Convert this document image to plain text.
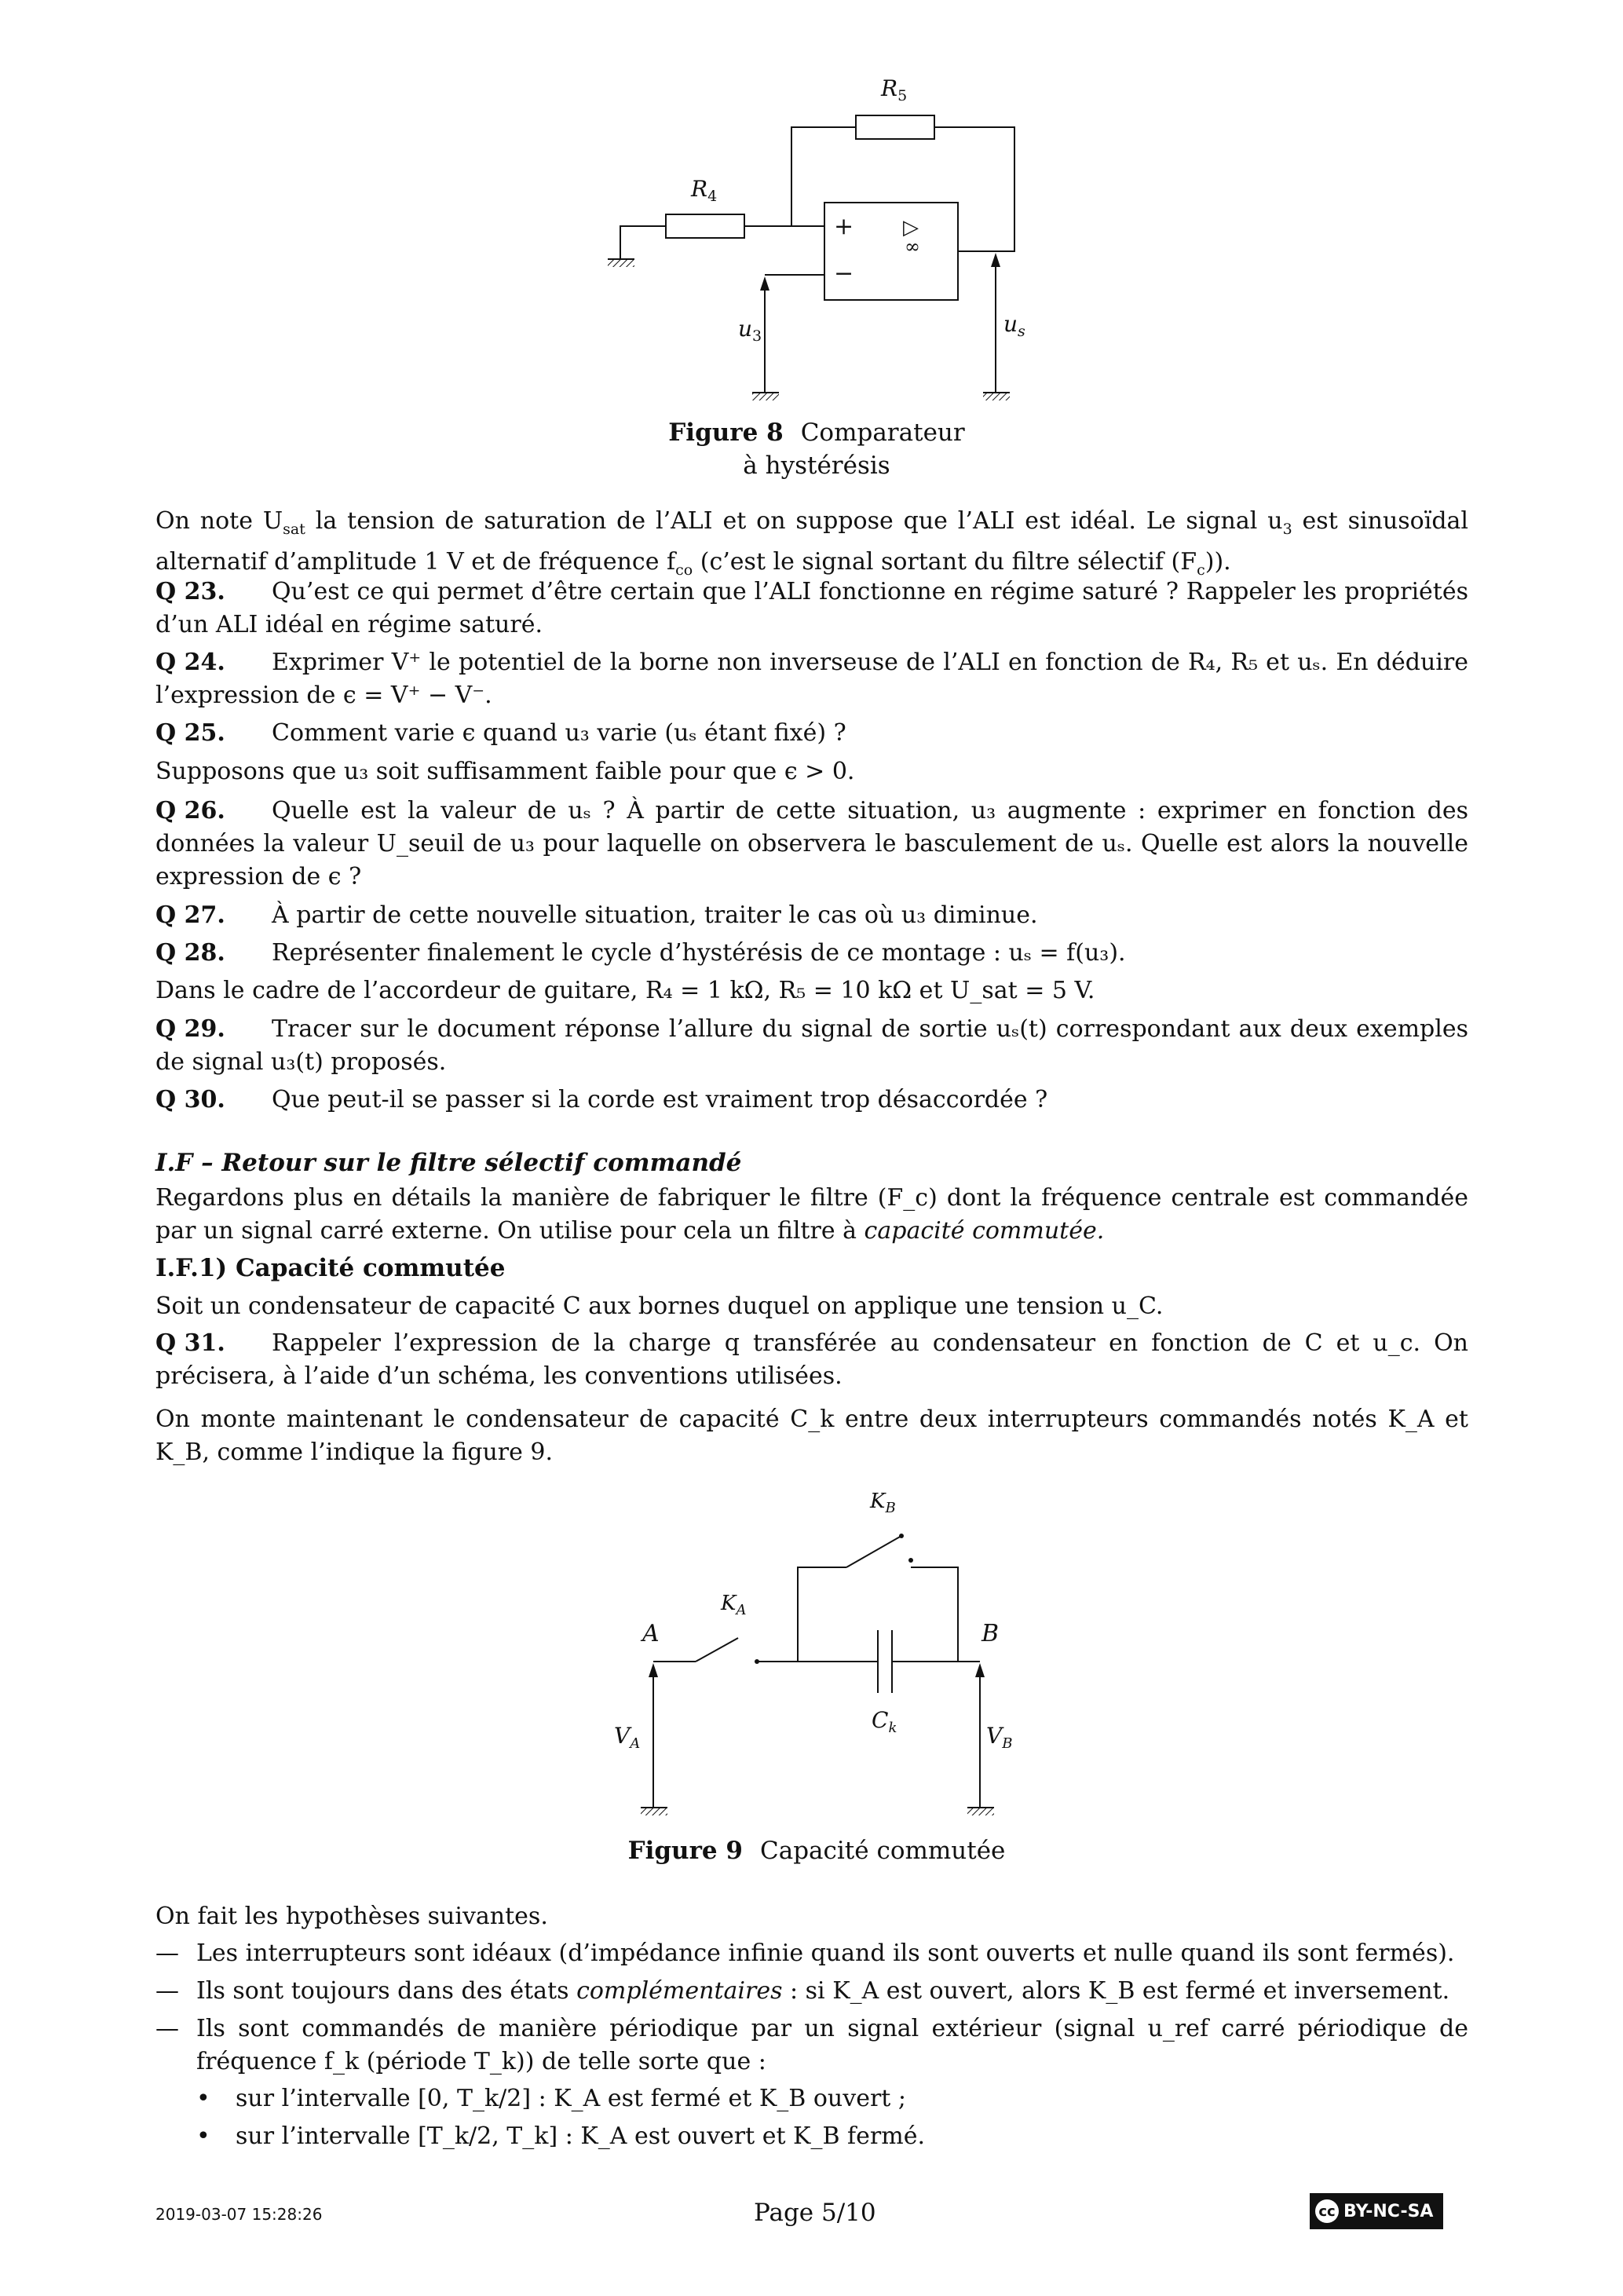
+
−
▷
∞
$R_5$
$R_4$
$u_3$	$u_s$
Figure 8 Comparateur
à hystérésis
On note $U_{sat}$ la tension de saturation de l’ALI et on suppose que l’ALI est idéal. Le signal $u_3$ est sinusoïdal alternatif d’amplitude 1 V et de fréquence $f_{co}$ (c’est le signal sortant du filtre sélectif $(F_c)$).
Q 23. Qu’est ce qui permet d’être certain que l’ALI fonctionne en régime saturé ? Rappeler les propriétés d’un ALI idéal en régime saturé.
Q 24. Exprimer V⁺ le potentiel de la borne non inverseuse de l’ALI en fonction de R₄, R₅ et uₛ. En déduire l’expression de ϵ = V⁺ − V⁻.
Q 25. Comment varie ϵ quand u₃ varie (uₛ étant fixé) ?
Supposons que u₃ soit suffisamment faible pour que ϵ > 0.
Q 26. Quelle est la valeur de uₛ ? À partir de cette situation, u₃ augmente : exprimer en fonction des données la valeur U_seuil de u₃ pour laquelle on observera le basculement de uₛ. Quelle est alors la nouvelle expression de ϵ ?
Q 27. À partir de cette nouvelle situation, traiter le cas où u₃ diminue.
Q 28. Représenter finalement le cycle d’hystérésis de ce montage : uₛ = f(u₃).
Dans le cadre de l’accordeur de guitare, R₄ = 1 kΩ, R₅ = 10 kΩ et U_sat = 5 V.
Q 29. Tracer sur le document réponse l’allure du signal de sortie uₛ(t) correspondant aux deux exemples de signal u₃(t) proposés.
Q 30. Que peut-il se passer si la corde est vraiment trop désaccordée ?
I.F – Retour sur le filtre sélectif commandé
Regardons plus en détails la manière de fabriquer le filtre (F_c) dont la fréquence centrale est commandée par un signal carré externe. On utilise pour cela un filtre à capacité commutée.
I.F.1) Capacité commutée
Soit un condensateur de capacité C aux bornes duquel on applique une tension u_C.
Q 31. Rappeler l’expression de la charge q transférée au condensateur en fonction de C et u_c. On précisera, à l’aide d’un schéma, les conventions utilisées.
On monte maintenant le condensateur de capacité C_k entre deux interrupteurs commandés notés K_A et K_B, comme l’indique la figure 9.
$K_B$
$K_A$
$C_k$
A	B
$V_A$	$V_B$
Figure 9 Capacité commutée
On fait les hypothèses suivantes.
— Les interrupteurs sont idéaux (d’impédance infinie quand ils sont ouverts et nulle quand ils sont fermés).
— Ils sont toujours dans des états complémentaires : si K_A est ouvert, alors K_B est fermé et inversement.
— Ils sont commandés de manière périodique par un signal extérieur (signal u_ref carré périodique de fréquence f_k (période T_k)) de telle sorte que :
• sur l’intervalle [0, T_k/2] : K_A est fermé et K_B ouvert ;
• sur l’intervalle [T_k/2, T_k] : K_A est ouvert et K_B fermé.
2019-03-07 15:28:26	Page 5/10	cc BY-NC-SA
